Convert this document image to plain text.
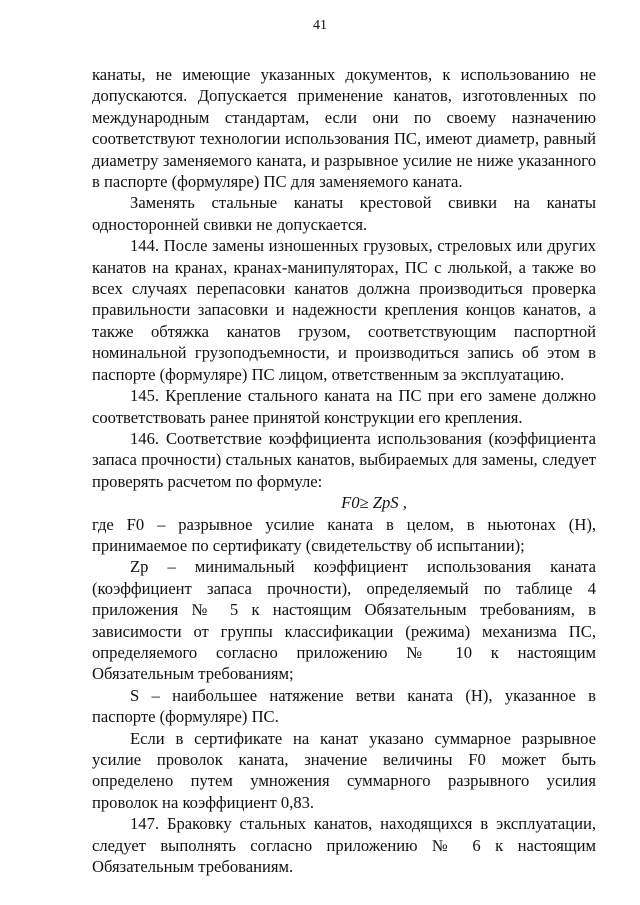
41

канаты, не имеющие указанных документов, к использованию не допускаются. Допускается применение канатов, изготовленных по международным стандартам, если они по своему назначению соответствуют технологии использования ПС, имеют диаметр, равный диаметру заменяемого каната, и разрывное усилие не ниже указанного в паспорте (формуляре) ПС для заменяемого каната.

Заменять стальные канаты крестовой свивки на канаты односторонней свивки не допускается.

144. После замены изношенных грузовых, стреловых или других канатов на кранах, кранах-манипуляторах, ПС с люлькой, а также во всех случаях перепасовки канатов должна производиться проверка правильности запасовки и надежности крепления концов канатов, а также обтяжка канатов грузом, соответствующим паспортной номинальной грузоподъемности, и производиться запись об этом в паспорте (формуляре) ПС лицом, ответственным за эксплуатацию.

145. Крепление стального каната на ПС при его замене должно соответствовать ранее принятой конструкции его крепления.

146. Соответствие коэффициента использования (коэффициента запаса прочности) стальных канатов, выбираемых для замены, следует проверять расчетом по формуле:

F0≥ ZpS ,

где F0 – разрывное усилие каната в целом, в ньютонах (Н), принимаемое по сертификату (свидетельству об испытании);

Zp – минимальный коэффициент использования каната (коэффициент запаса прочности), определяемый по таблице 4 приложения № 5 к настоящим Обязательным требованиям, в зависимости от группы классификации (режима) механизма ПС, определяемого согласно приложению № 10 к настоящим Обязательным требованиям;

S – наибольшее натяжение ветви каната (Н), указанное в паспорте (формуляре) ПС.

Если в сертификате на канат указано суммарное разрывное усилие проволок каната, значение величины F0 может быть определено путем умножения суммарного разрывного усилия проволок на коэффициент 0,83.

147. Браковку стальных канатов, находящихся в эксплуатации, следует выполнять согласно приложению № 6 к настоящим Обязательным требованиям.
